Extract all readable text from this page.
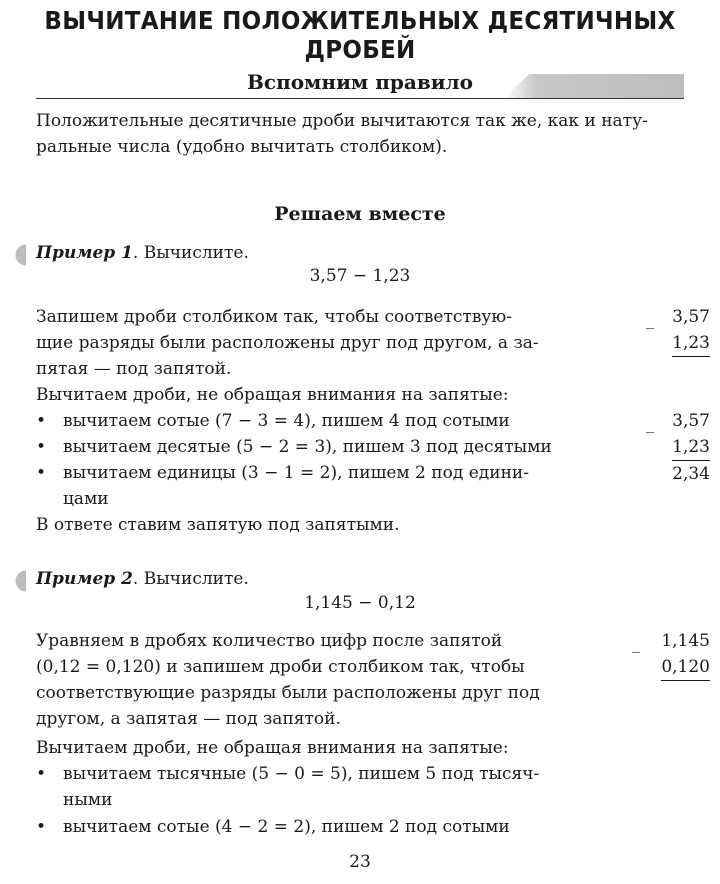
ВЫЧИТАНИЕ ПОЛОЖИТЕЛЬНЫХ ДЕСЯТИЧНЫХ ДРОБЕЙ
Вспомним правило
Положительные десятичные дроби вычитаются так же, как и нату-
ральные числа (удобно вычитать столбиком).
Решаем вместе
Пример 1. Вычислите.
3,57 − 1,23
Запишем дроби столбиком так, чтобы соответствую-
щие разряды были расположены друг под другом, а за-
пятая — под запятой.
_	3,57
1,23
Вычитаем дроби, не обращая внимания на запятые:
• вычитаем сотые (7 − 3 = 4), пишем 4 под сотыми
• вычитаем десятые (5 − 2 = 3), пишем 3 под десятыми
• вычитаем единицы (3 − 1 = 2), пишем 2 под едини-
цами
_	3,57
1,23
2,34
В ответе ставим запятую под запятыми.
Пример 2. Вычислите.
1,145 − 0,12
Уравняем в дробях количество цифр после запятой
(0,12 = 0,120) и запишем дроби столбиком так, чтобы
соответствующие разряды были расположены друг под
другом, а запятая — под запятой.
_	1,145
0,120
Вычитаем дроби, не обращая внимания на запятые:
• вычитаем тысячные (5 − 0 = 5), пишем 5 под тысяч-
ными
• вычитаем сотые (4 − 2 = 2), пишем 2 под сотыми
23
